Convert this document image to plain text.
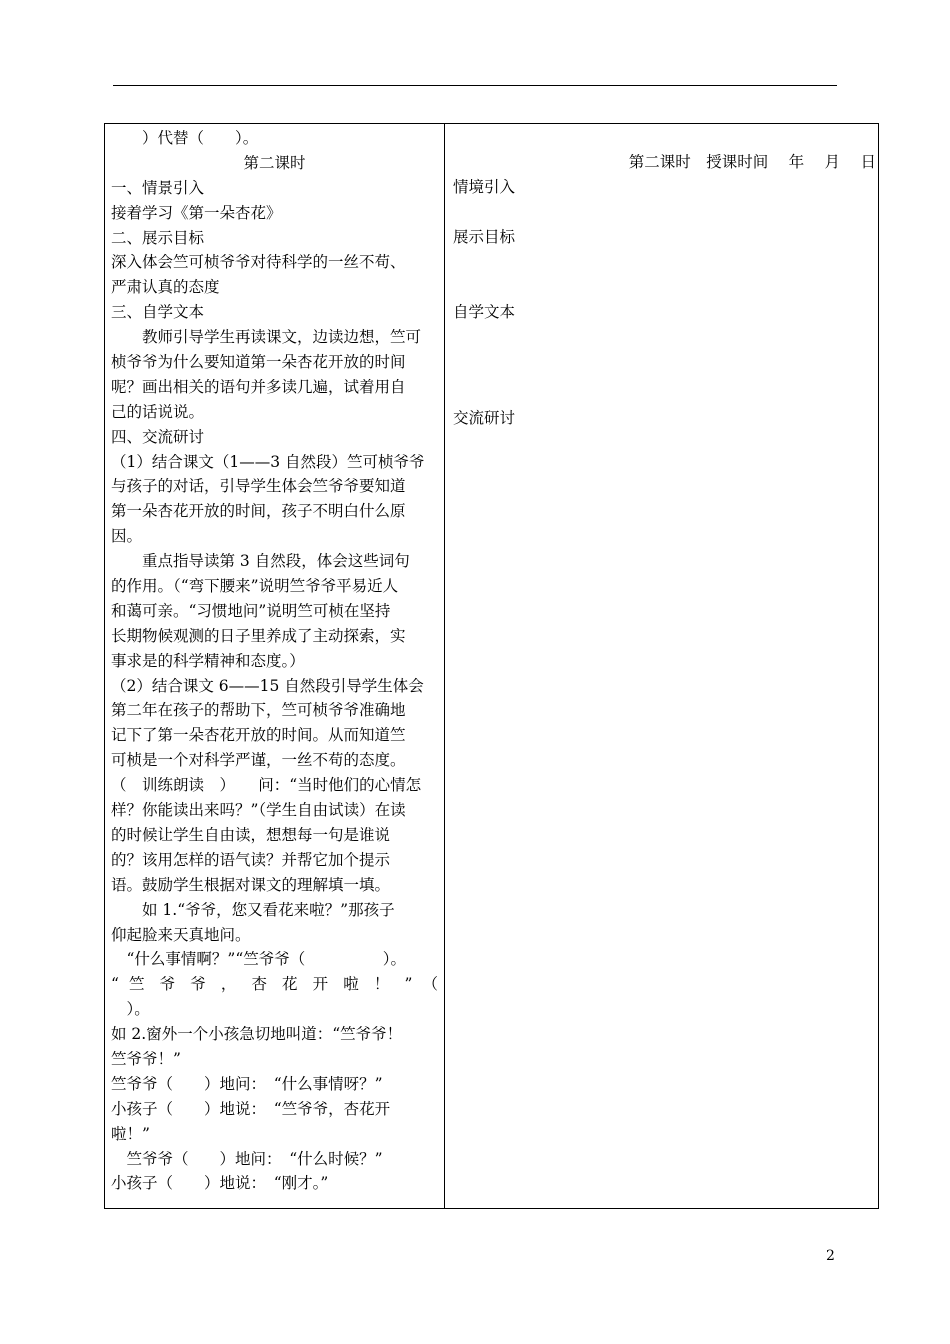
　　）代替（　　）。
第二课时
一、情景引入
接着学习《第一朵杏花》
二、展示目标
深入体会竺可桢爷爷对待科学的一丝不苟、
严肃认真的态度
三、自学文本
　　教师引导学生再读课文，边读边想，竺可
桢爷爷为什么要知道第一朵杏花开放的时间
呢？画出相关的语句并多读几遍，试着用自
己的话说说。
四、交流研讨
（1）结合课文（1——3 自然段）竺可桢爷爷
与孩子的对话，引导学生体会竺爷爷要知道
第一朵杏花开放的时间，孩子不明白什么原
因。
　　重点指导读第 3 自然段，体会这些词句
的作用。（“弯下腰来”说明竺爷爷平易近人
和蔼可亲。“习惯地问”说明竺可桢在坚持
长期物候观测的日子里养成了主动探索，实
事求是的科学精神和态度。）
（2）结合课文 6——15 自然段引导学生体会
第二年在孩子的帮助下，竺可桢爷爷准确地
记下了第一朵杏花开放的时间。从而知道竺
可桢是一个对科学严谨，一丝不苟的态度。
（　训练朗读　）　　问：“当时他们的心情怎
样？你能读出来吗？”（学生自由试读）在读
的时候让学生自由读，想想每一句是谁说
的？该用怎样的语气读？并帮它加个提示
语。鼓励学生根据对课文的理解填一填。
　　如 1.“爷爷，您又看花来啦？”那孩子
仰起脸来天真地问。
　“什么事情啊？”“竺爷爷（　　　　　）。
“ 竺 爷 爷 ， 杏 花 开 啦 ！ ” （
　）。
如 2.窗外一个小孩急切地叫道：“竺爷爷！
竺爷爷！”
竺爷爷（　　）地问：　“什么事情呀？”
小孩子（　　）地说：　“竺爷爷，杏花开
啦！”
　竺爷爷（　　）地问：　“什么时候？”
小孩子（　　）地说：　“刚才。”
第二课时　授课时间　 年　 月　 日
情境引入
展示目标
自学文本
交流研讨
2
